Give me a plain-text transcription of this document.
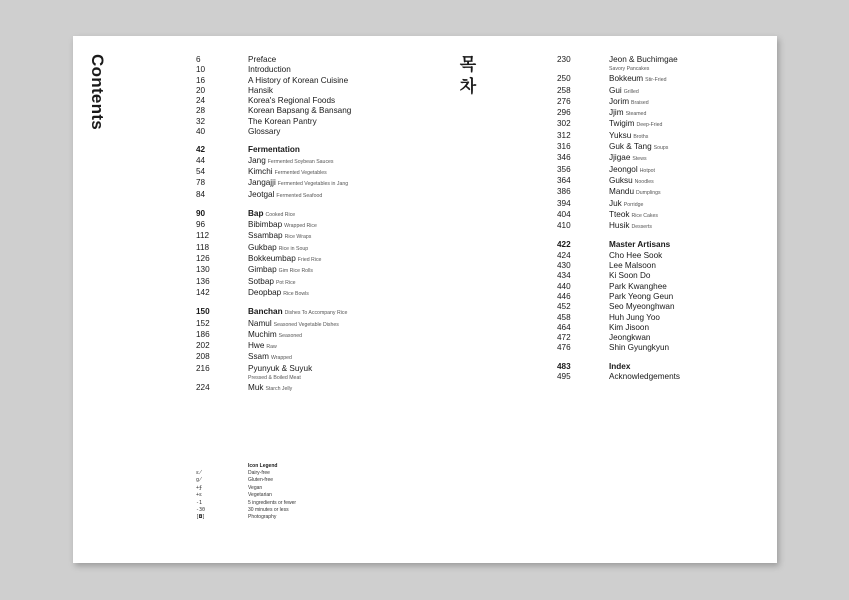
Contents	목
차
6	Preface
10	Introduction
16	A History of Korean Cuisine
20	Hansik
24	Korea's Regional Foods
28	Korean Bapsang & Bansang
32	The Korean Pantry
40	Glossary
42	Fermentation
44	Jang Fermented Soybean Sauces
54	Kimchi Fermented Vegetables
78	Jangajji Fermented Vegetables in Jang
84	Jeotgal Fermented Seafood
90	Bap Cooked Rice
96	Bibimbap Wrapped Rice
112	Ssambap Rice Wraps
118	Gukbap Rice in Soup
126	Bokkeumbap Fried Rice
130	Gimbap Gim Rice Rolls
136	Sotbap Pot Rice
142	Deopbap Rice Bowls
150	Banchan Dishes To Accompany Rice
152	Namul Seasoned Vegetable Dishes
186	Muchim Seasoned
202	Hwe Raw
208	Ssam Wrapped
216	Pyunyuk & Suyuk
Pressed & Boiled Meat
224	Muk Starch Jelly
230	Jeon & Buchimgae
Savory Pancakes
250	Bokkeum Stir-Fried
258	Gui Grilled
276	Jorim Braised
296	Jjim Steamed
302	Twigim Deep-Fried
312	Yuksu Broths
316	Guk & Tang Soups
346	Jjigae Stews
356	Jeongol Hotpot
364	Guksu Noodles
386	Mandu Dumplings
394	Juk Porridge
404	Tteok Rice Cakes
410	Husik Desserts
422	Master Artisans
424	Cho Hee Sook
430	Lee Malsoon
434	Ki Soon Do
440	Park Kwanghee
446	Park Yeong Geun
452	Seo Myeonghwan
458	Huh Jung Yoo
464	Kim Jisoon
472	Jeongkwan
476	Shin Gyungkyun
483	Index
495	Acknowledgements
Icon Legend
ɛ̸	Dairy-free
g̸	Gluten-free
+ʄ	Vegan
+ɛ	Vegetarian
-1	5 ingredients or fewer
-30	30 minutes or less
[◘]	Photography
